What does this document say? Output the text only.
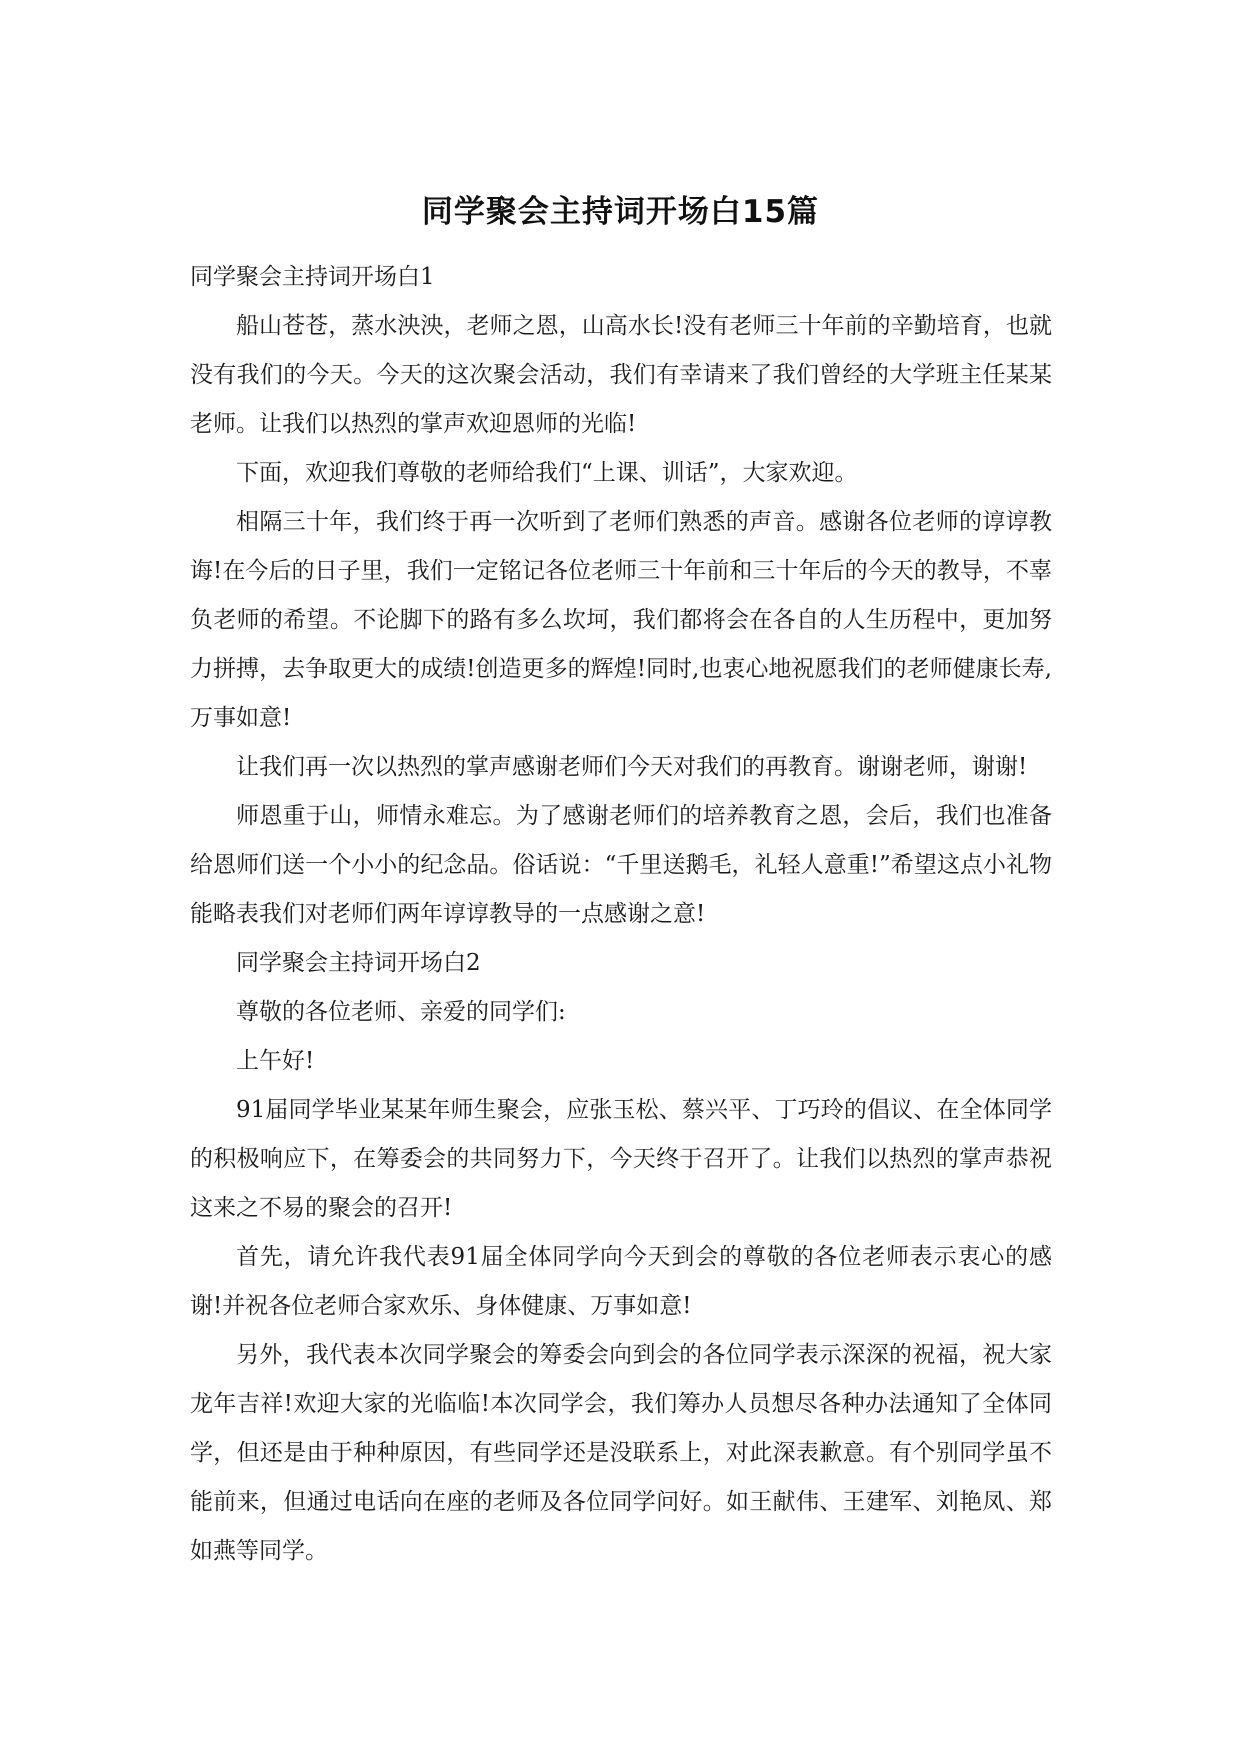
同学聚会主持词开场白15篇

同学聚会主持词开场白1

船山苍苍，蒸水泱泱，老师之恩，山高水长!没有老师三十年前的辛勤培育，也就没有我们的今天。今天的这次聚会活动，我们有幸请来了我们曾经的大学班主任某某老师。让我们以热烈的掌声欢迎恩师的光临!

下面，欢迎我们尊敬的老师给我们“上课、训话”，大家欢迎。

相隔三十年，我们终于再一次听到了老师们熟悉的声音。感谢各位老师的谆谆教诲!在今后的日子里，我们一定铭记各位老师三十年前和三十年后的今天的教导，不辜负老师的希望。不论脚下的路有多么坎坷，我们都将会在各自的人生历程中，更加努力拼搏，去争取更大的成绩!创造更多的辉煌!同时,也衷心地祝愿我们的老师健康长寿,万事如意!

让我们再一次以热烈的掌声感谢老师们今天对我们的再教育。谢谢老师，谢谢!

师恩重于山，师情永难忘。为了感谢老师们的培养教育之恩，会后，我们也准备给恩师们送一个小小的纪念品。俗话说：“千里送鹅毛，礼轻人意重!”希望这点小礼物能略表我们对老师们两年谆谆教导的一点感谢之意!

同学聚会主持词开场白2

尊敬的各位老师、亲爱的同学们:

上午好!

91届同学毕业某某年师生聚会，应张玉松、蔡兴平、丁巧玲的倡议、在全体同学的积极响应下，在筹委会的共同努力下，今天终于召开了。让我们以热烈的掌声恭祝这来之不易的聚会的召开!

首先，请允许我代表91届全体同学向今天到会的尊敬的各位老师表示衷心的感谢!并祝各位老师合家欢乐、身体健康、万事如意!

另外，我代表本次同学聚会的筹委会向到会的各位同学表示深深的祝福，祝大家龙年吉祥!欢迎大家的光临临!本次同学会，我们筹办人员想尽各种办法通知了全体同学，但还是由于种种原因，有些同学还是没联系上，对此深表歉意。有个别同学虽不能前来，但通过电话向在座的老师及各位同学问好。如王献伟、王建军、刘艳凤、郑如燕等同学。
